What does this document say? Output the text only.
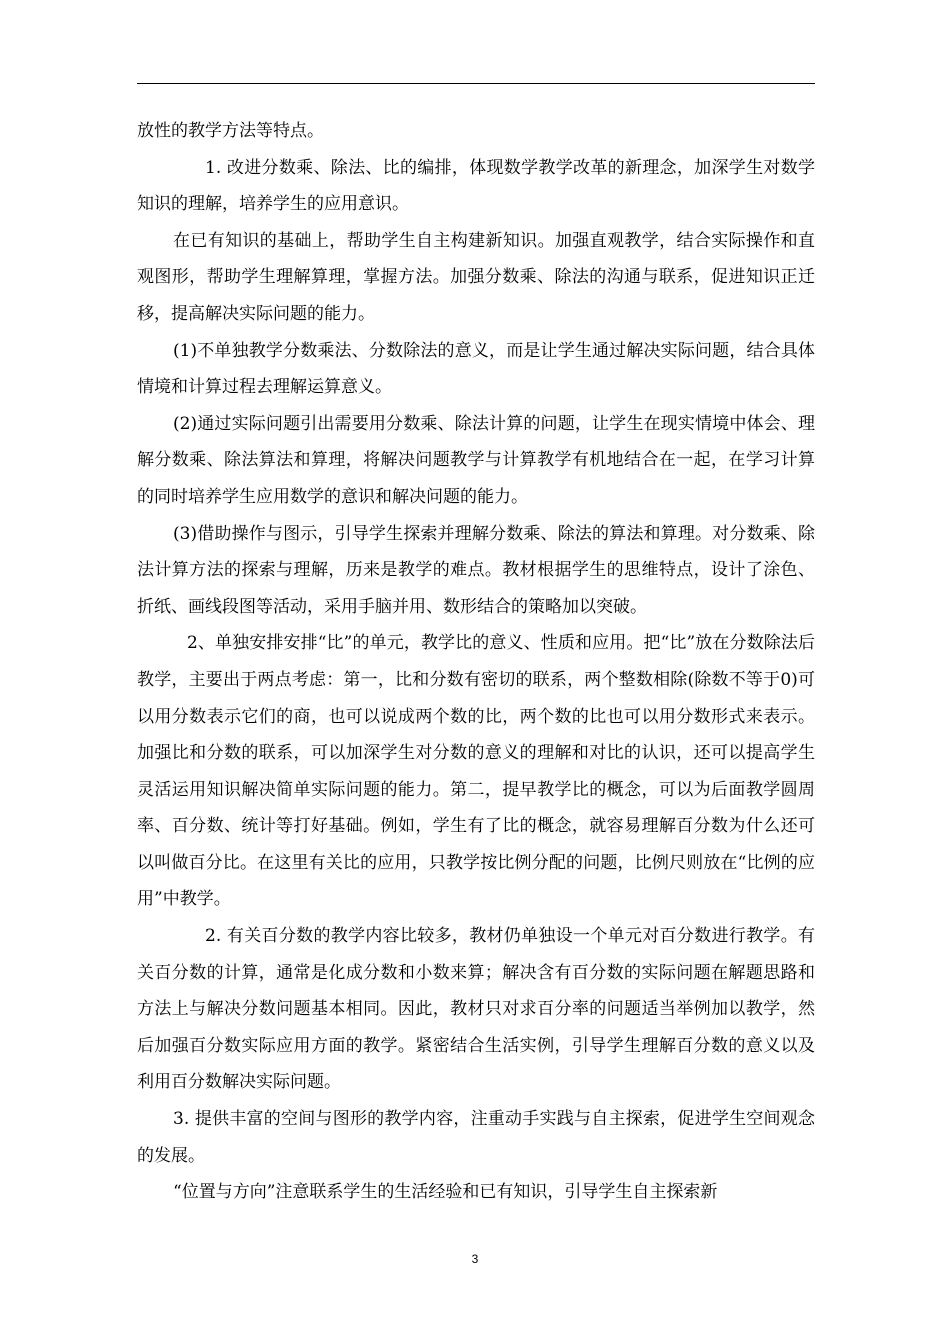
放性的教学方法等特点。

1. 改进分数乘、除法、比的编排，体现数学教学改革的新理念，加深学生对数学知识的理解，培养学生的应用意识。

在已有知识的基础上，帮助学生自主构建新知识。加强直观教学，结合实际操作和直观图形，帮助学生理解算理，掌握方法。加强分数乘、除法的沟通与联系，促进知识正迁移，提高解决实际问题的能力。

(1)不单独教学分数乘法、分数除法的意义，而是让学生通过解决实际问题，结合具体情境和计算过程去理解运算意义。

(2)通过实际问题引出需要用分数乘、除法计算的问题，让学生在现实情境中体会、理解分数乘、除法算法和算理，将解决问题教学与计算教学有机地结合在一起，在学习计算的同时培养学生应用数学的意识和解决问题的能力。

(3)借助操作与图示，引导学生探索并理解分数乘、除法的算法和算理。对分数乘、除法计算方法的探索与理解，历来是教学的难点。教材根据学生的思维特点，设计了涂色、折纸、画线段图等活动，采用手脑并用、数形结合的策略加以突破。

2、单独安排安排“比”的单元，教学比的意义、性质和应用。把“比”放在分数除法后教学，主要出于两点考虑：第一，比和分数有密切的联系，两个整数相除(除数不等于0)可以用分数表示它们的商，也可以说成两个数的比，两个数的比也可以用分数形式来表示。加强比和分数的联系，可以加深学生对分数的意义的理解和对比的认识，还可以提高学生灵活运用知识解决简单实际问题的能力。第二，提早教学比的概念，可以为后面教学圆周率、百分数、统计等打好基础。例如，学生有了比的概念，就容易理解百分数为什么还可以叫做百分比。在这里有关比的应用，只教学按比例分配的问题，比例尺则放在“比例的应用”中教学。

2. 有关百分数的教学内容比较多，教材仍单独设一个单元对百分数进行教学。有关百分数的计算，通常是化成分数和小数来算；解决含有百分数的实际问题在解题思路和方法上与解决分数问题基本相同。因此，教材只对求百分率的问题适当举例加以教学，然后加强百分数实际应用方面的教学。紧密结合生活实例，引导学生理解百分数的意义以及利用百分数解决实际问题。

3. 提供丰富的空间与图形的教学内容，注重动手实践与自主探索，促进学生空间观念的发展。

“位置与方向”注意联系学生的生活经验和已有知识，引导学生自主探索新

3
